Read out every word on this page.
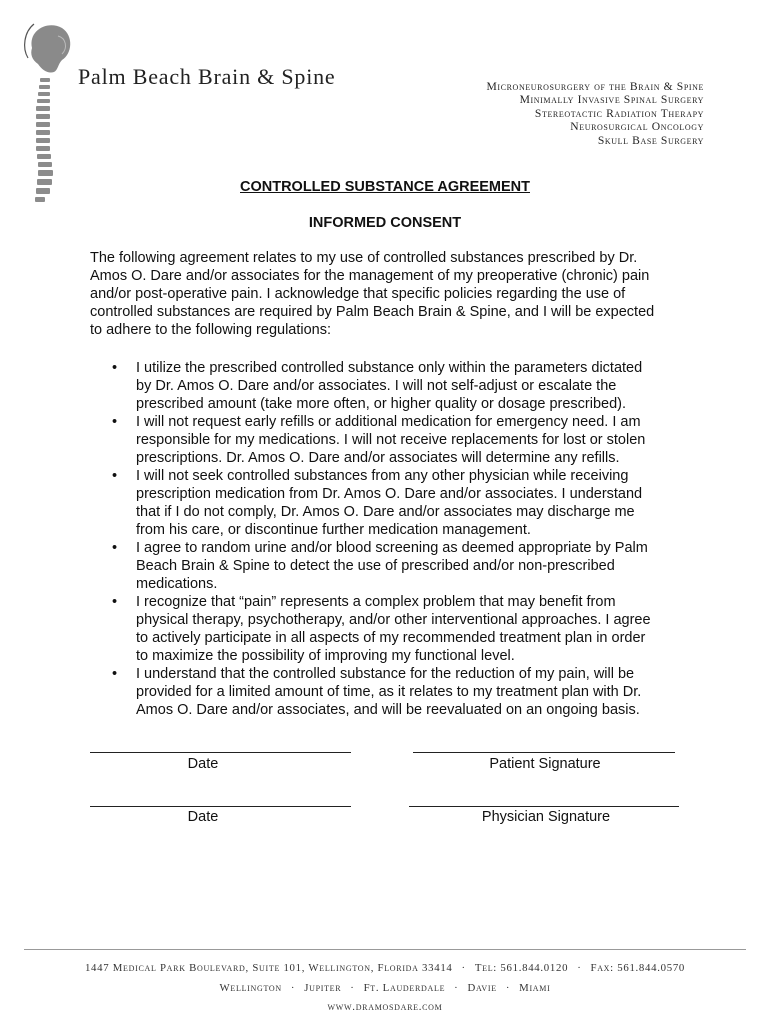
Palm Beach Brain & Spine	Microneurosurgery of the Brain & Spine
Minimally Invasive Spinal Surgery
Stereotactic Radiation Therapy
Neurosurgical Oncology
Skull Base Surgery
CONTROLLED SUBSTANCE AGREEMENT
INFORMED CONSENT
The following agreement relates to my use of controlled substances prescribed by Dr.
Amos O. Dare and/or associates for the management of my preoperative (chronic) pain
and/or post-operative pain. I acknowledge that specific policies regarding the use of
controlled substances are required by Palm Beach Brain & Spine, and I will be expected
to adhere to the following regulations:
• I utilize the prescribed controlled substance only within the parameters dictated
by Dr. Amos O. Dare and/or associates. I will not self-adjust or escalate the
prescribed amount (take more often, or higher quality or dosage prescribed).
• I will not request early refills or additional medication for emergency need. I am
responsible for my medications. I will not receive replacements for lost or stolen
prescriptions. Dr. Amos O. Dare and/or associates will determine any refills.
• I will not seek controlled substances from any other physician while receiving
prescription medication from Dr. Amos O. Dare and/or associates. I understand
that if I do not comply, Dr. Amos O. Dare and/or associates may discharge me
from his care, or discontinue further medication management.
• I agree to random urine and/or blood screening as deemed appropriate by Palm
Beach Brain & Spine to detect the use of prescribed and/or non-prescribed
medications.
• I recognize that “pain” represents a complex problem that may benefit from
physical therapy, psychotherapy, and/or other interventional approaches. I agree
to actively participate in all aspects of my recommended treatment plan in order
to maximize the possibility of improving my functional level.
• I understand that the controlled substance for the reduction of my pain, will be
provided for a limited amount of time, as it relates to my treatment plan with Dr.
Amos O. Dare and/or associates, and will be reevaluated on an ongoing basis.
Date	Patient Signature
Date	Physician Signature
1447 Medical Park Boulevard, Suite 101, Wellington, Florida 33414 · Tel: 561.844.0120 · Fax: 561.844.0570
Wellington · Jupiter · Ft. Lauderdale · Davie · Miami
www.dramosdare.com
